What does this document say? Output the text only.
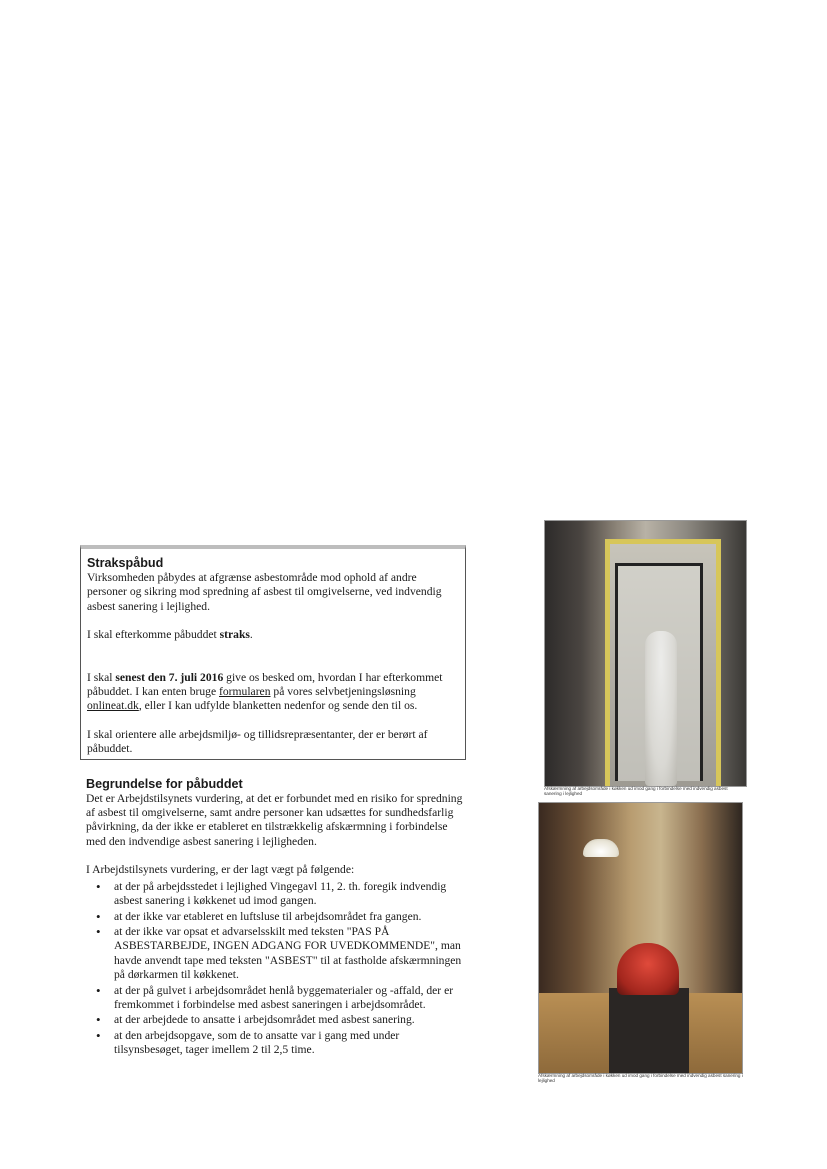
Strakspåbud

Virksomheden påbydes at afgrænse asbestområde mod ophold af andre personer og sikring mod spredning af asbest til omgivelserne, ved indvendig asbest sanering i lejlighed.

I skal efterkomme påbuddet straks.

I skal senest den 7. juli 2016 give os besked om, hvordan I har efterkommet påbuddet. I kan enten bruge formularen på vores selvbetjeningsløsning onlineat.dk, eller I kan udfylde blanketten nedenfor og sende den til os.

I skal orientere alle arbejdsmiljø- og tillidsrepræsentanter, der er berørt af påbuddet.

Begrundelse for påbuddet

Det er Arbejdstilsynets vurdering, at det er forbundet med en risiko for spredning af asbest til omgivelserne, samt andre personer kan udsættes for sundhedsfarlig påvirkning, da der ikke er etableret en tilstrækkelig afskærmning i forbindelse med den indvendige asbest sanering i lejligheden.

I Arbejdstilsynets vurdering, er der lagt vægt på følgende:

• at der på arbejdsstedet i lejlighed Vingegavl 11, 2. th. foregik indvendig asbest sanering i køkkenet ud imod gangen.
• at der ikke var etableret en luftsluse til arbejdsområdet fra gangen.
• at der ikke var opsat et advarselsskilt med teksten "PAS PÅ ASBESTARBEJDE, INGEN ADGANG FOR UVEDKOMMENDE", man havde anvendt tape med teksten "ASBEST" til at fastholde afskærmningen på dørkarmen til køkkenet.
• at der på gulvet i arbejdsområdet henlå byggematerialer og -affald, der er fremkommet i forbindelse med asbest saneringen i arbejdsområdet.
• at der arbejdede to ansatte i arbejdsområdet med asbest sanering.
• at den arbejdsopgave, som de to ansatte var i gang med under tilsynsbesøget, tager imellem 2 til 2,5 time.
Afskærmning af arbejdsområde i køkken ud imod gang i forbindelse med indvendig asbest sanering i lejlighed
Afskærmning af arbejdsområde i køkken ud imod gang i forbindelse med indvendig asbest sanering i lejlighed
